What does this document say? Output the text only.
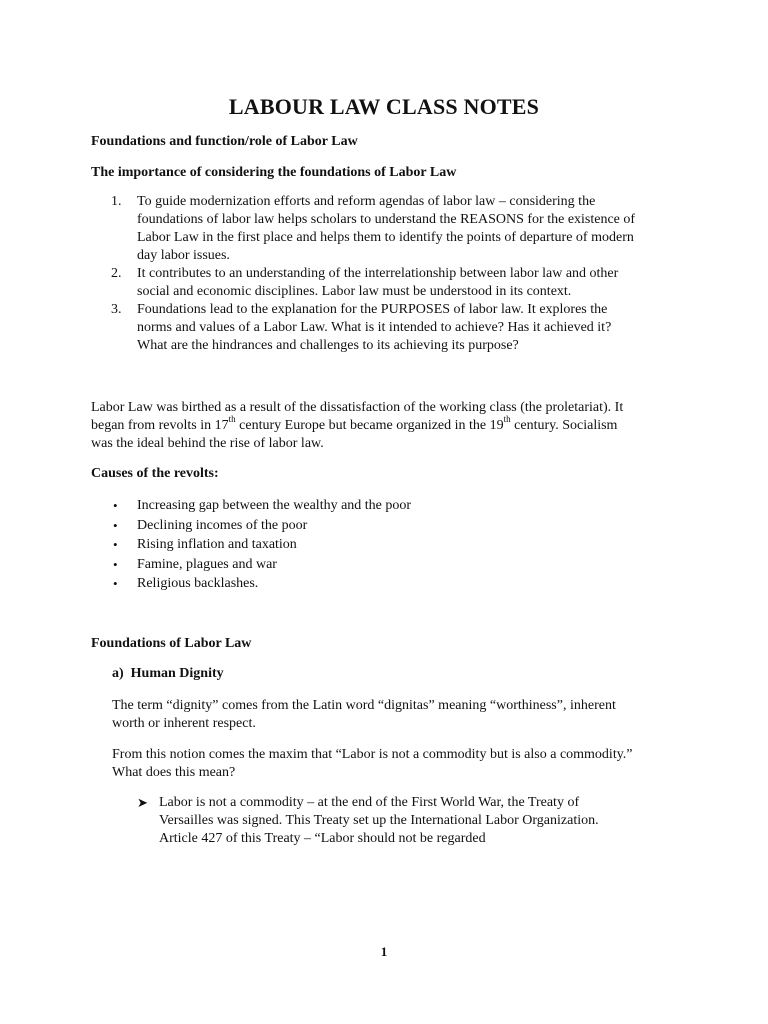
LABOUR LAW CLASS NOTES

Foundations and function/role of Labor Law

The importance of considering the foundations of Labor Law

1. To guide modernization efforts and reform agendas of labor law – considering the
foundations of labor law helps scholars to understand the REASONS for the existence of
Labor Law in the first place and helps them to identify the points of departure of modern
day labor issues.
2. It contributes to an understanding of the interrelationship between labor law and other
social and economic disciplines. Labor law must be understood in its context.
3. Foundations lead to the explanation for the PURPOSES of labor law. It explores the
norms and values of a Labor Law. What is it intended to achieve? Has it achieved it?
What are the hindrances and challenges to its achieving its purpose?

Labor Law was birthed as a result of the dissatisfaction of the working class (the proletariat). It
began from revolts in 17th century Europe but became organized in the 19th century. Socialism
was the ideal behind the rise of labor law.

Causes of the revolts:

• Increasing gap between the wealthy and the poor
• Declining incomes of the poor
• Rising inflation and taxation
• Famine, plagues and war
• Religious backlashes.

Foundations of Labor Law

a)  Human Dignity

The term “dignity” comes from the Latin word “dignitas” meaning “worthiness”, inherent
worth or inherent respect.

From this notion comes the maxim that “Labor is not a commodity but is also a commodity.”
What does this mean?

➤ Labor is not a commodity – at the end of the First World War, the Treaty of
Versailles was signed. This Treaty set up the International Labor Organization.
Article 427 of this Treaty – “Labor should not be regarded

1
